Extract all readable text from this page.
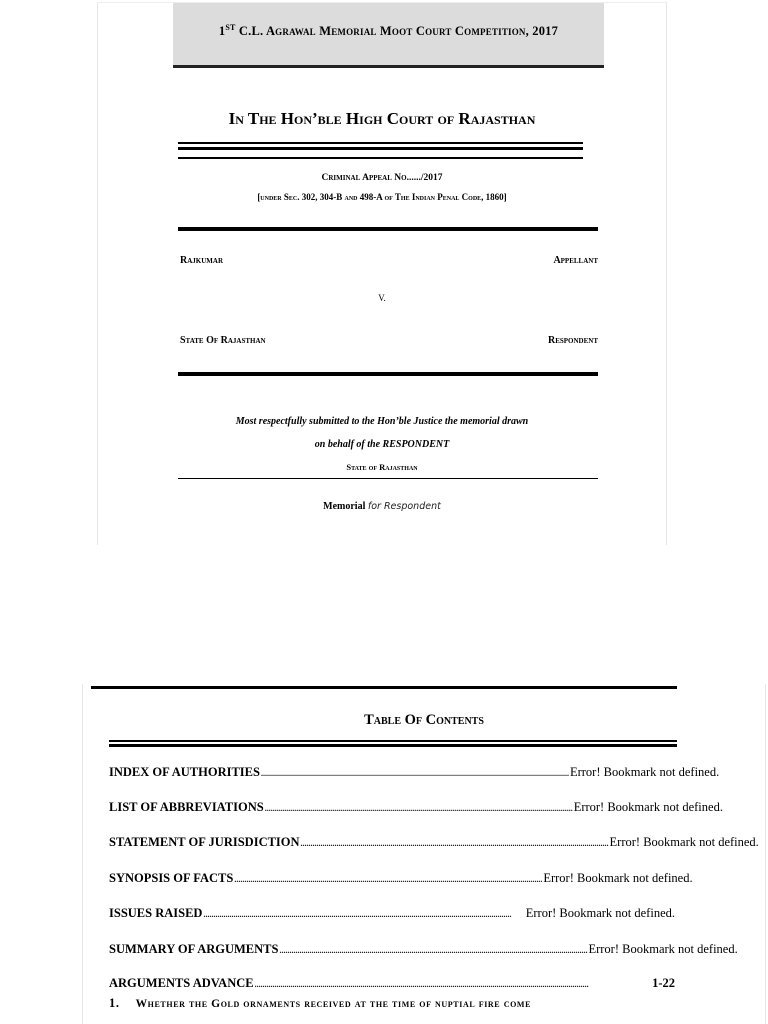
1ST C.L. Agrawal Memorial Moot Court Competition, 2017
In The Hon’ble High Court of Rajasthan
Criminal Appeal No....../2017
[under Sec. 302, 304-B and 498-A of The Indian Penal Code, 1860]
Rajkumar	Appellant
V.
State Of Rajasthan	Respondent
Most respectfully submitted to the Hon’ble Justice the memorial drawn
on behalf of the RESPONDENT
State of Rajasthan
Memorial for Respondent
Table Of Contents
INDEX OF AUTHORITIES .......................................................................................................................................................... Error! Bookmark not defined.
LIST OF ABBREVIATIONS .......................................................................................................................................................... Error! Bookmark not defined.
STATEMENT OF JURISDICTION .......................................................................................................................................................... Error! Bookmark not defined.
SYNOPSIS OF FACTS .......................................................................................................................................................... Error! Bookmark not defined.
ISSUES RAISED ..........................................................................................................................................................	Error! Bookmark not defined.
SUMMARY OF ARGUMENTS .......................................................................................................................................................... Error! Bookmark not defined.
ARGUMENTS ADVANCE .......................................................................................................................................................................	1-22
1. Whether the Gold ornaments received at the time of nuptial fire come
